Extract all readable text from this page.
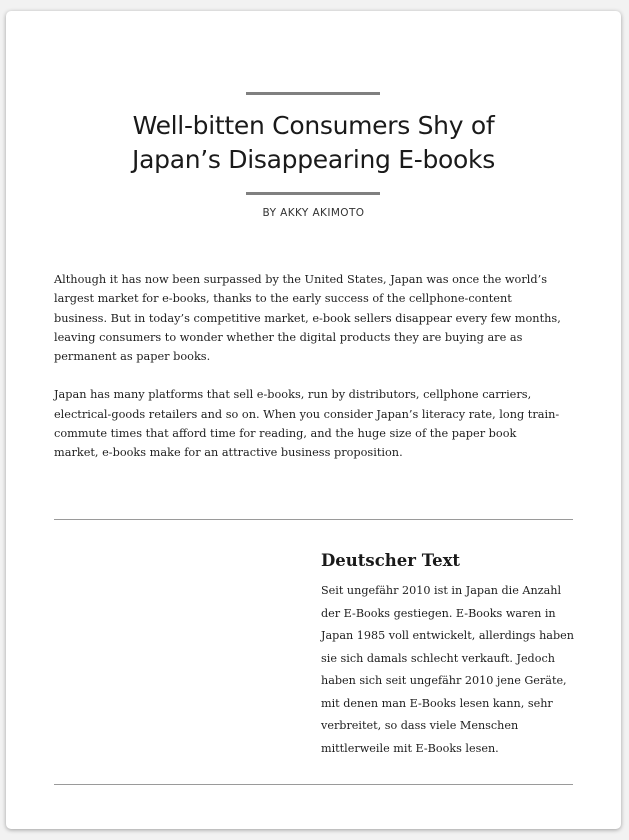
Well-bitten Consumers Shy of
Japan’s Disappearing E-books
BY AKKY AKIMOTO

Although it has now been surpassed by the United States, Japan was once the world’s largest market for e-books, thanks to the early success of the cellphone-content business. But in today’s competitive market, e-book sellers disappear every few months, leaving consumers to wonder whether the digital products they are buying are as permanent as paper books.

Japan has many platforms that sell e-books, run by distributors, cellphone carriers, electrical-goods retailers and so on. When you consider Japan’s literacy rate, long train-commute times that afford time for reading, and the huge size of the paper book market, e-books make for an attractive business proposition.

Deutscher Text

Seit ungefähr 2010 ist in Japan die Anzahl der E-Books gestiegen. E-Books waren in Japan 1985 voll entwickelt, allerdings haben sie sich damals schlecht verkauft. Jedoch haben sich seit ungefähr 2010 jene Geräte, mit denen man E-Books lesen kann, sehr verbreitet, so dass viele Menschen mittlerweile mit E-Books lesen.
